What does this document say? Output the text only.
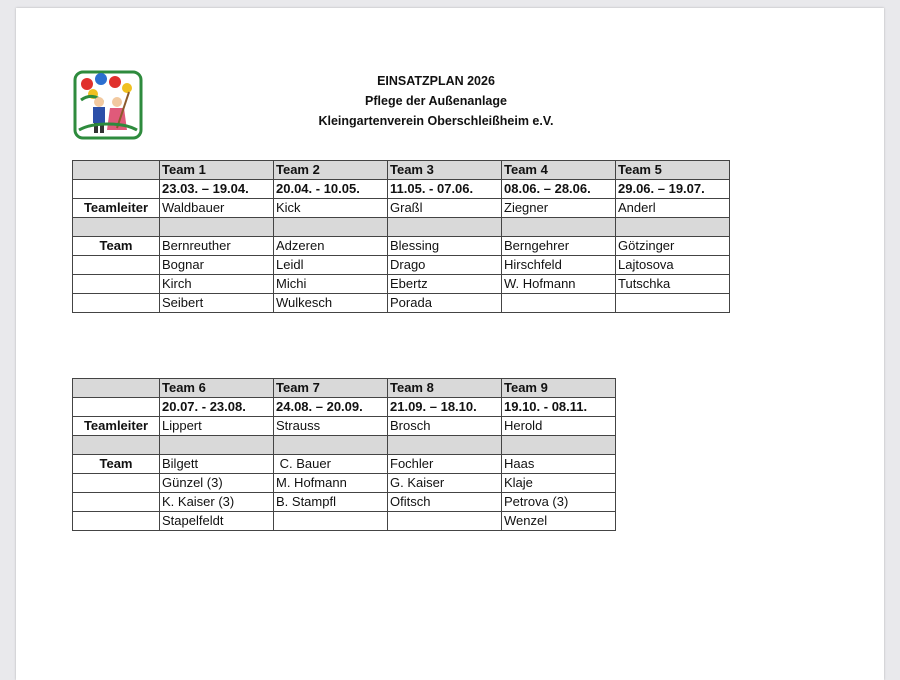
EINSATZPLAN 2026
Pflege der Außenanlage
Kleingartenverein Oberschleißheim e.V.
	Team 1	Team 2	Team 3	Team 4	Team 5
	23.03. – 19.04.	20.04. - 10.05.	11.05. - 07.06.	08.06. – 28.06.	29.06. – 19.07.
Teamleiter	Waldbauer	Kick	Graßl	Ziegner	Anderl

Team	Bernreuther	Adzeren	Blessing	Berngehrer	Götzinger
	Bognar	Leidl	Drago	Hirschfeld	Lajtosova
	Kirch	Michi	Ebertz	W. Hofmann	Tutschka
	Seibert	Wulkesch	Porada		
	Team 6	Team 7	Team 8	Team 9
	20.07. - 23.08.	24.08. – 20.09.	21.09. – 18.10.	19.10. - 08.11.
Teamleiter	Lippert	Strauss	Brosch	Herold

Team	Bilgett	C. Bauer	Fochler	Haas
	Günzel (3)	M. Hofmann	G. Kaiser	Klaje
	K. Kaiser (3)	B. Stampfl	Ofitsch	Petrova (3)
	Stapelfeldt			Wenzel
